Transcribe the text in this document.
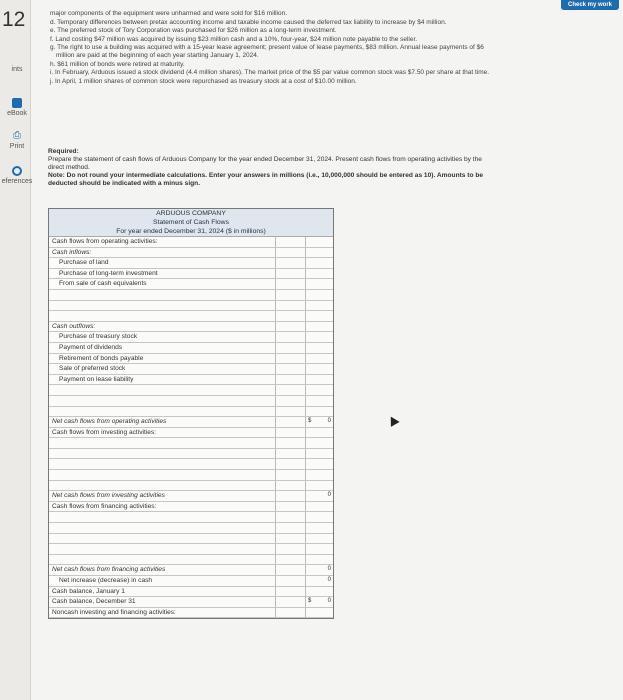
12
ints
eBook
⎙
Print
eferences
Check my work
major components of the equipment were unharmed and were sold for $16 million.
d. Temporary differences between pretax accounting income and taxable income caused the deferred tax liability to increase by $4 million.
e. The preferred stock of Tory Corporation was purchased for $26 million as a long-term investment.
f. Land costing $47 million was acquired by issuing $23 million cash and a 10%, four-year, $24 million note payable to the seller.
g. The right to use a building was acquired with a 15-year lease agreement; present value of lease payments, $83 million. Annual lease payments of $6 million are paid at the beginning of each year starting January 1, 2024.
h. $61 million of bonds were retired at maturity.
i. In February, Arduous issued a stock dividend (4.4 million shares). The market price of the $5 par value common stock was $7.50 per share at that time.
j. In April, 1 million shares of common stock were repurchased as treasury stock at a cost of $10.00 million.
Required:
Prepare the statement of cash flows of Arduous Company for the year ended December 31, 2024. Present cash flows from operating activities by the direct method.
Note: Do not round your intermediate calculations. Enter your answers in millions (i.e., 10,000,000 should be entered as 10). Amounts to be deducted should be indicated with a minus sign.
ARDUOUS COMPANY
Statement of Cash Flows
For year ended December 31, 2024 ($ in millions)
Cash flows from operating activities:
Cash inflows:
Purchase of land
Purchase of long-term investment
From sale of cash equivalents
Cash outflows:
Purchase of treasury stock
Payment of dividends
Retirement of bonds payable
Sale of preferred stock
Payment on lease liability
Net cash flows from operating activities	$	0
Cash flows from investing activities:
Net cash flows from investing activities	0
Cash flows from financing activities:
Net cash flows from financing activities	0
Net increase (decrease) in cash	0
Cash balance, January 1
Cash balance, December 31	$	0
Noncash investing and financing activities:
